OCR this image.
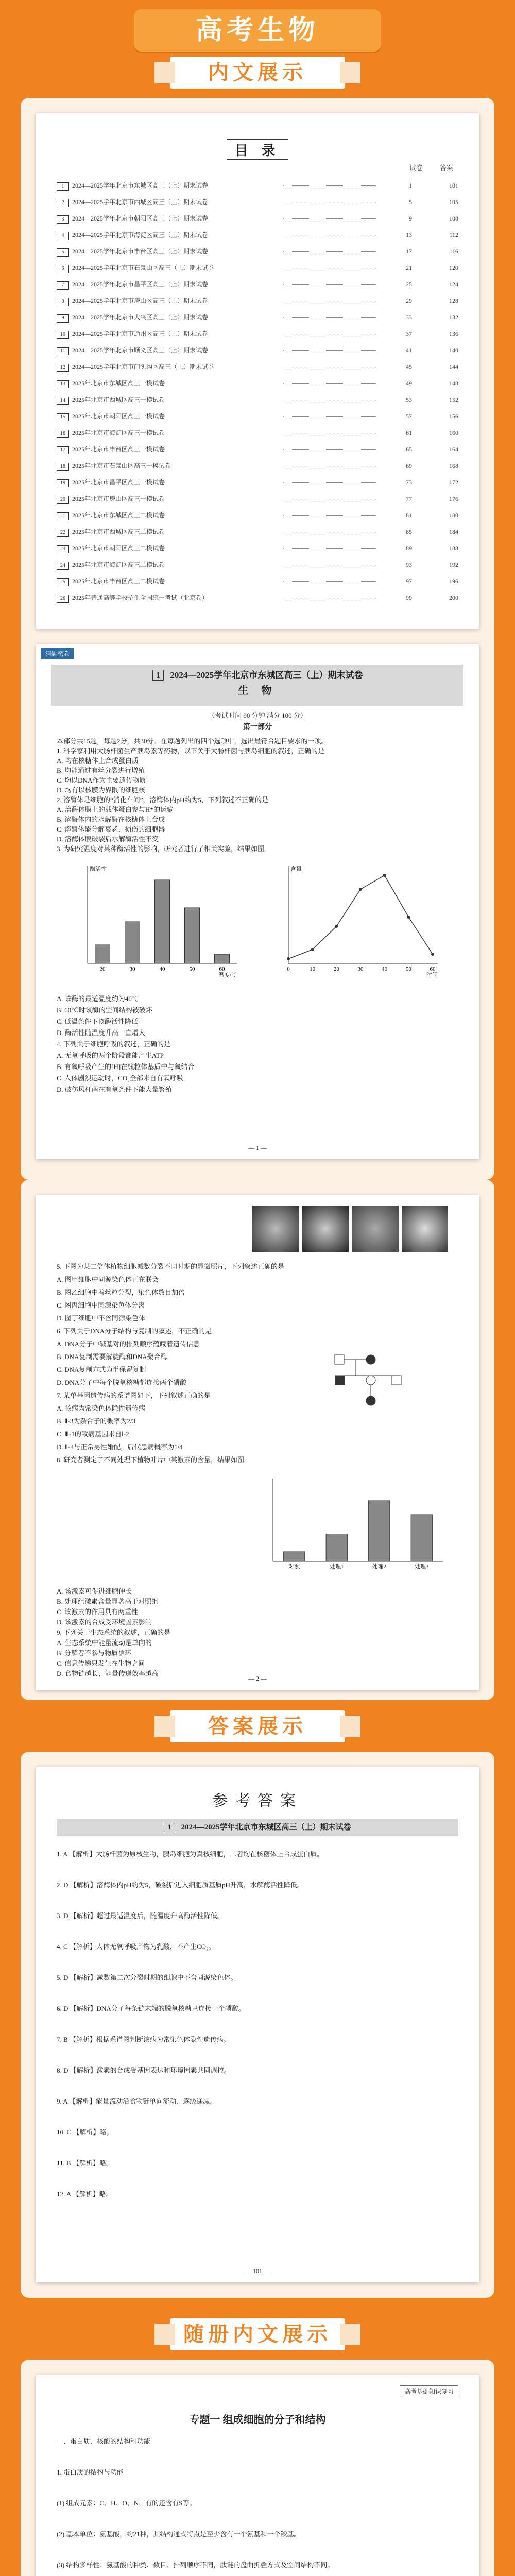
高考生物
内文展示
目 录
试卷	答案
1 2024—2025学年北京市东城区高三（上）期末试卷	1	101
2 2024—2025学年北京市西城区高三（上）期末试卷	5	105
3 2024—2025学年北京市朝阳区高三（上）期末试卷	9	108
4 2024—2025学年北京市海淀区高三（上）期末试卷	13	112
5 2024—2025学年北京市丰台区高三（上）期末试卷	17	116
6 2024—2025学年北京市石景山区高三（上）期末试卷	21	120
7 2024—2025学年北京市昌平区高三（上）期末试卷	25	124
8 2024—2025学年北京市房山区高三（上）期末试卷	29	128
9 2024—2025学年北京市大兴区高三（上）期末试卷	33	132
10 2024—2025学年北京市通州区高三（上）期末试卷	37	136
11 2024—2025学年北京市顺义区高三（上）期末试卷	41	140
12 2024—2025学年北京市门头沟区高三（上）期末试卷	45	144
13 2025年北京市东城区高三一模试卷	49	148
14 2025年北京市西城区高三一模试卷	53	152
15 2025年北京市朝阳区高三一模试卷	57	156
16 2025年北京市海淀区高三一模试卷	61	160
17 2025年北京市丰台区高三一模试卷	65	164
18 2025年北京市石景山区高三一模试卷	69	168
19 2025年北京市昌平区高三一模试卷	73	172
20 2025年北京市房山区高三一模试卷	77	176
21 2025年北京市东城区高三二模试卷	81	180
22 2025年北京市西城区高三二模试卷	85	184
23 2025年北京市朝阳区高三二模试卷	89	188
24 2025年北京市海淀区高三二模试卷	93	192
25 2025年北京市丰台区高三二模试卷	97	196
26 2025年普通高等学校招生全国统一考试（北京卷）	99	200
猜题密卷
1 2024—2025学年北京市东城区高三（上）期末试卷
生 物
（考试时间 90 分钟 满分 100 分）
第一部分
本部分共15题，每题2分，共30分。在每题列出的四个选项中，选出最符合题目要求的一项。
1. 科学家利用大肠杆菌生产胰岛素等药物，以下关于大肠杆菌与胰岛细胞的叙述，正确的是
A. 均在核糖体上合成蛋白质
B. 均能通过有丝分裂进行增殖
C. 均以DNA作为主要遗传物质
D. 均有以核膜为界限的细胞核
2. 溶酶体是细胞的“消化车间”，溶酶体内pH约为5，下列叙述不正确的是
A. 溶酶体膜上的载体蛋白参与H⁺的运输
B. 溶酶体内的水解酶在核糖体上合成
C. 溶酶体能分解衰老、损伤的细胞器
D. 溶酶体膜破裂后水解酶活性不变
3. 为研究温度对某种酶活性的影响，研究者进行了相关实验，结果如图。
温度/℃
酶活性
20	30	40	50	60
时间
含量
0	10	20	30	40	50	60
A. 该酶的最适温度约为40℃
B. 60℃时该酶的空间结构被破坏
C. 低温条件下该酶活性降低
D. 酶活性随温度升高一直增大
4. 下列关于细胞呼吸的叙述，正确的是
A. 无氧呼吸的两个阶段都能产生ATP
B. 有氧呼吸产生的[H]在线粒体基质中与氧结合
C. 人体剧烈运动时，CO₂全部来自有氧呼吸
D. 破伤风杆菌在有氧条件下能大量繁殖
— 1 —
5. 下图为某二倍体植物细胞减数分裂不同时期的显微照片，下列叙述正确的是
A. 图甲细胞中同源染色体正在联会
B. 图乙细胞中着丝粒分裂，染色体数目加倍
C. 图丙细胞中同源染色体分离
D. 图丁细胞中不含同源染色体
6. 下列关于DNA分子结构与复制的叙述，不正确的是
A. DNA分子中碱基对的排列顺序蕴藏着遗传信息
B. DNA复制需要解旋酶和DNA聚合酶
C. DNA复制方式为半保留复制
D. DNA分子中每个脱氧核糖都连接两个磷酸
7. 某单基因遗传病的系谱图如下，下列叙述正确的是
A. 该病为常染色体隐性遗传病
B. Ⅱ-3为杂合子的概率为2/3
C. Ⅲ-1的致病基因来自Ⅰ-2
D. Ⅱ-4与正常男性婚配，后代患病概率为1/4
8. 研究者测定了不同处理下植物叶片中某激素的含量，结果如图。
对照	处理1	处理2	处理3
A. 该激素可促进细胞伸长
B. 处理组激素含量显著高于对照组
C. 该激素的作用具有两重性
D. 该激素的合成受环境因素影响
9. 下列关于生态系统的叙述，正确的是
A. 生态系统中能量流动是单向的
B. 分解者不参与物质循环
C. 信息传递只发生在生物之间
D. 食物链越长，能量传递效率越高
— 2 —
答案展示
参考答案
1 2024—2025学年北京市东城区高三（上）期末试卷
1. A 【解析】大肠杆菌为原核生物，胰岛细胞为真核细胞，二者均在核糖体上合成蛋白质。
2. D 【解析】溶酶体内pH约为5，破裂后进入细胞质基质pH升高，水解酶活性降低。
3. D 【解析】超过最适温度后，随温度升高酶活性降低。
4. C 【解析】人体无氧呼吸产物为乳酸，不产生CO₂。
5. D 【解析】减数第二次分裂时期的细胞中不含同源染色体。
6. D 【解析】DNA分子每条链末端的脱氧核糖只连接一个磷酸。
7. B 【解析】根据系谱图判断该病为常染色体隐性遗传病。
8. D 【解析】激素的合成受基因表达和环境因素共同调控。
9. A 【解析】能量流动沿食物链单向流动、逐级递减。
10. C 【解析】略。
11. B 【解析】略。
12. A 【解析】略。
— 101 —
随册内文展示
高考基础知识复习
专题一 组成细胞的分子和结构
一、蛋白质、核酸的结构和功能
1. 蛋白质的结构与功能
(1) 组成元素：C、H、O、N，有的还含有S等。
(2) 基本单位：氨基酸，约21种，其结构通式特点是至少含有一个氨基和一个羧基。
(3) 结构多样性：氨基酸的种类、数目、排列顺序不同，肽链的盘曲折叠方式及空间结构不同。
